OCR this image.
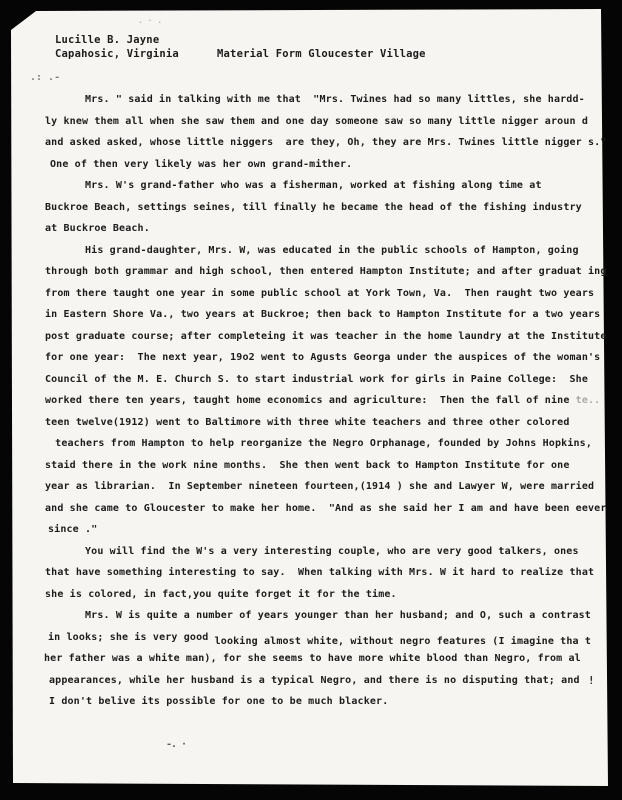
Lucille B. Jayne
Capahosic, Virginia	Material Form Gloucester Village
Mrs. " said in talking with me that  "Mrs. Twines had so many littles, she hardd-
ly knew them all when she saw them and one day someone saw so many little nigger aroun d
and asked asked, whose little niggers  are they, Oh, they are Mrs. Twines little nigger s."
One of then very likely was her own grand-mither.
Mrs. W's grand-father who was a fisherman, worked at fishing along time at
Buckroe Beach, settings seines, till finally he became the head of the fishing industry
at Buckroe Beach.
His grand-daughter, Mrs. W, was educated in the public schools of Hampton, going
through both grammar and high school, then entered Hampton Institute; and after graduat ing
from there taught one year in some public school at York Town, Va.  Then raught two years
in Eastern Shore Va., two years at Buckroe; then back to Hampton Institute for a two years
post graduate course; after completeing it was teacher in the home laundry at the Institute
for one year:  The next year, 19o2 went to Agusts Georga under the auspices of the woman's
Council of the M. E. Church S. to start industrial work for girls in Paine College:  She
worked there ten years, taught home economics and agriculture:  Then the fall of nine te..
teen twelve(1912) went to Baltimore with three white teachers and three other colored
teachers from Hampton to help reorganize the Negro Orphanage, founded by Johns Hopkins,
staid there in the work nine months.  She then went back to Hampton Institute for one
year as librarian.  In September nineteen fourteen,(1914 ) she and Lawyer W, were married
and she came to Gloucester to make her home.  "And as she said her I am and have been eever
since ."
You will find the W's a very interesting couple, who are very good talkers, ones
that have something interesting to say.  When talking with Mrs. W it hard to realize that
she is colored, in fact,you quite forget it for the time.
Mrs. W is quite a number of years younger than her husband; and O, such a contrast
in looks; she is very good looking almost white, without negro features (I imagine tha t
her father was a white man), for she seems to have more white blood than Negro, from al
appearances, while her husband is a typical Negro, and there is no disputing that; and
I don't belive its possible for one to be much blacker.
!
-. ·
.: .-
. · .
